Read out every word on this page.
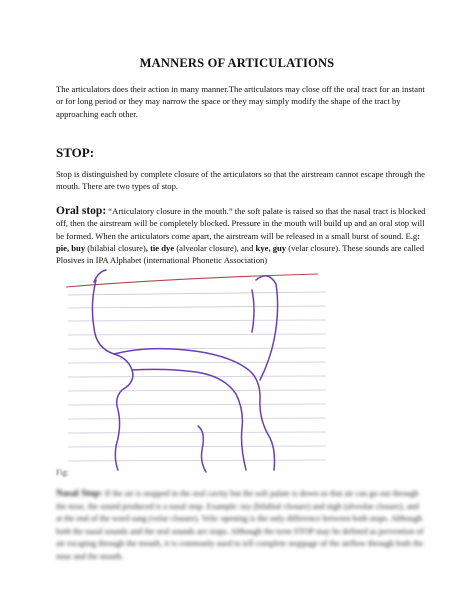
MANNERS OF ARTICULATIONS
The articulators does their action in many manner.The articulators may close off the oral tract for an instant or for long period or they may narrow the space or they may simply modify the shape of the tract by approaching each other.
STOP:
Stop is distinguished by complete closure of the articulators so that the airstream cannot escape through the mouth. There are two types of stop.
Oral stop: “Articulatory closure in the mouth.” the soft palate is raised so that the nasal tract is blocked off, then the airstream will be completely blocked. Pressure in the mouth will build up and an oral stop will be formed. When the articulators come apart, the airstream will be released in a small burst of sound. E.g: pie, buy (bilabial closure), tie dye (alveolar closure), and kye, guy (velar closure). These sounds are called Plosives in IPA Alphabet (international Phonetic Association)
Fig:
Nasal Stop: If the air is stopped in the oral cavity but the soft palate is down so that air can go out through the nose, the sound produced is a nasal stop. Example: my (bilabial closure) and nigh (alveolar closure), and at the end of the word sang (velar closure). Velic opening is the only difference between both stops. Although both the nasal sounds and the oral sounds are stops. Although the term STOP may be defined as prevention of air escaping through the mouth, it is commonly used to tell complete stoppage of the airflow through both the nose and the mouth.
